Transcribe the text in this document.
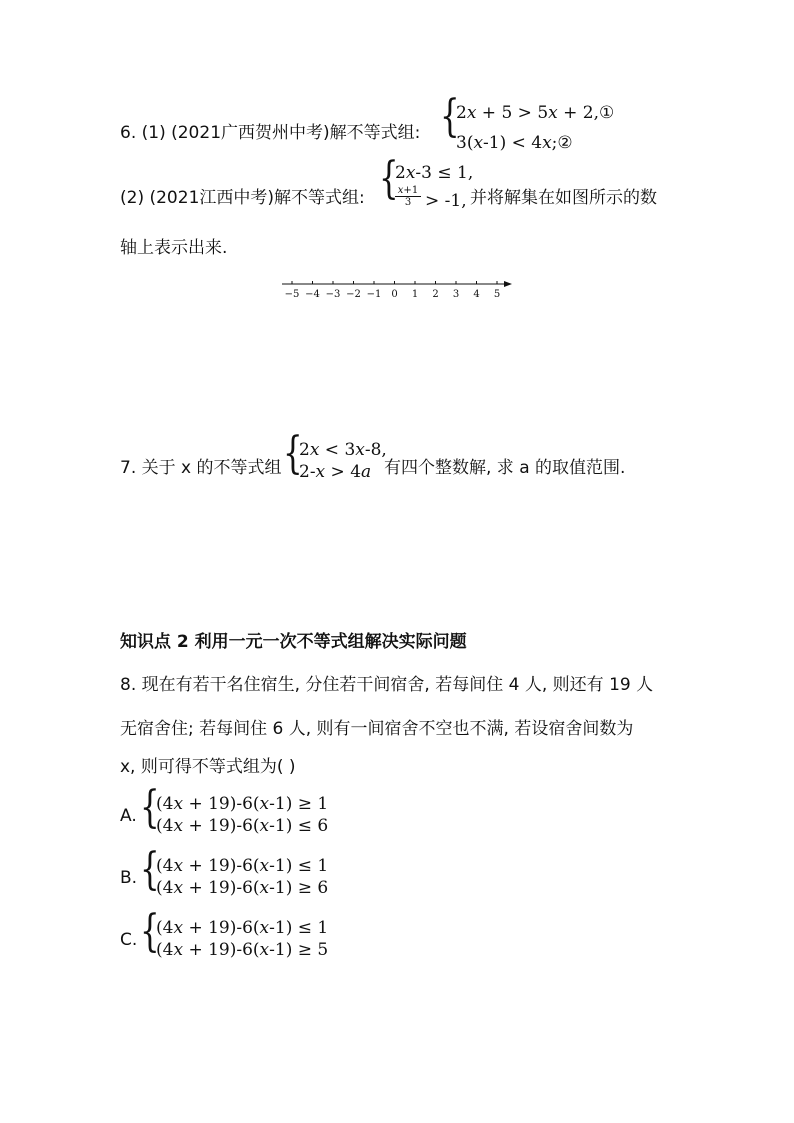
6. (1) (2021广西贺州中考)解不等式组: {
2𝑥 + 5 > 5𝑥 + 2,①
3(𝑥-1) < 4𝑥;②
(2) (2021江西中考)解不等式组: {
2𝑥-3 ≤ 1,
𝑥+1
3 > -1, 并将解集在如图所示的数
轴上表示出来.
−5 −4 −3 −2 −1 0 1 2 3 4 5
7. 关于 x 的不等式组 {
2𝑥 < 3𝑥-8,
2-𝑥 > 4𝑎 有四个整数解, 求 a 的取值范围.
知识点 2 利用一元一次不等式组解决实际问题
8. 现在有若干名住宿生, 分住若干间宿舍, 若每间住 4 人, 则还有 19 人
无宿舍住; 若每间住 6 人, 则有一间宿舍不空也不满, 若设宿舍间数为
x, 则可得不等式组为( )
A. {
(4𝑥 + 19)-6(𝑥-1) ≥ 1
(4𝑥 + 19)-6(𝑥-1) ≤ 6
B. {
(4𝑥 + 19)-6(𝑥-1) ≤ 1
(4𝑥 + 19)-6(𝑥-1) ≥ 6
C. {
(4𝑥 + 19)-6(𝑥-1) ≤ 1
(4𝑥 + 19)-6(𝑥-1) ≥ 5
